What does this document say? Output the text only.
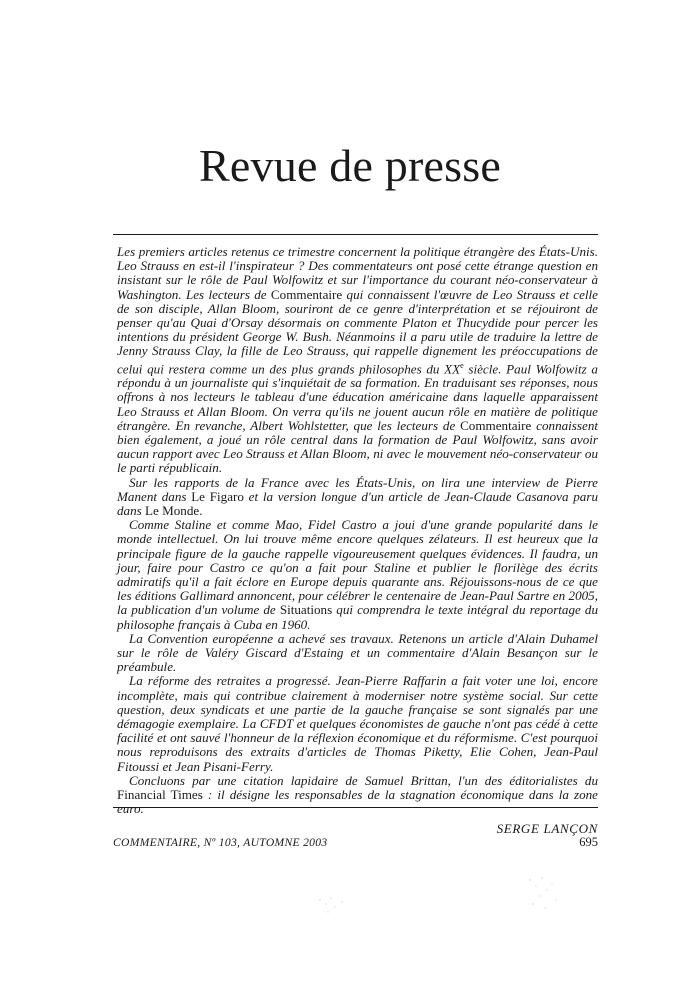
Revue de presse

Les premiers articles retenus ce trimestre concernent la politique étrangère des États-Unis. Leo Strauss en est-il l'inspirateur ? Des commentateurs ont posé cette étrange question en insistant sur le rôle de Paul Wolfowitz et sur l'importance du courant néo-conservateur à Washington. Les lecteurs de Commentaire qui connaissent l'œuvre de Leo Strauss et celle de son disciple, Allan Bloom, souriront de ce genre d'interprétation et se réjouiront de penser qu'au Quai d'Orsay désormais on commente Platon et Thucydide pour percer les intentions du président George W. Bush. Néanmoins il a paru utile de traduire la lettre de Jenny Strauss Clay, la fille de Leo Strauss, qui rappelle dignement les préoccupations de celui qui restera comme un des plus grands philosophes du XXe siècle. Paul Wolfowitz a répondu à un journaliste qui s'inquiétait de sa formation. En traduisant ses réponses, nous offrons à nos lecteurs le tableau d'une éducation américaine dans laquelle apparaissent Leo Strauss et Allan Bloom. On verra qu'ils ne jouent aucun rôle en matière de politique étrangère. En revanche, Albert Wohlstetter, que les lecteurs de Commentaire connaissent bien également, a joué un rôle central dans la formation de Paul Wolfowitz, sans avoir aucun rapport avec Leo Strauss et Allan Bloom, ni avec le mouvement néo-conservateur ou le parti républicain.

Sur les rapports de la France avec les États-Unis, on lira une interview de Pierre Manent dans Le Figaro et la version longue d'un article de Jean-Claude Casanova paru dans Le Monde.

Comme Staline et comme Mao, Fidel Castro a joui d'une grande popularité dans le monde intellectuel. On lui trouve même encore quelques zélateurs. Il est heureux que la principale figure de la gauche rappelle vigoureusement quelques évidences. Il faudra, un jour, faire pour Castro ce qu'on a fait pour Staline et publier le florilège des écrits admiratifs qu'il a fait éclore en Europe depuis quarante ans. Réjouissons-nous de ce que les éditions Gallimard annoncent, pour célébrer le centenaire de Jean-Paul Sartre en 2005, la publication d'un volume de Situations qui comprendra le texte intégral du reportage du philosophe français à Cuba en 1960.

La Convention européenne a achevé ses travaux. Retenons un article d'Alain Duhamel sur le rôle de Valéry Giscard d'Estaing et un commentaire d'Alain Besançon sur le préambule.

La réforme des retraites a progressé. Jean-Pierre Raffarin a fait voter une loi, encore incomplète, mais qui contribue clairement à moderniser notre système social. Sur cette question, deux syndicats et une partie de la gauche française se sont signalés par une démagogie exemplaire. La CFDT et quelques économistes de gauche n'ont pas cédé à cette facilité et ont sauvé l'honneur de la réflexion économique et du réformisme. C'est pourquoi nous reproduisons des extraits d'articles de Thomas Piketty, Elie Cohen, Jean-Paul Fitoussi et Jean Pisani-Ferry.

Concluons par une citation lapidaire de Samuel Brittan, l'un des éditorialistes du Financial Times : il désigne les responsables de la stagnation économique dans la zone euro.

SERGE LANÇON
COMMENTAIRE, Nº 103, AUTOMNE 2003	695
